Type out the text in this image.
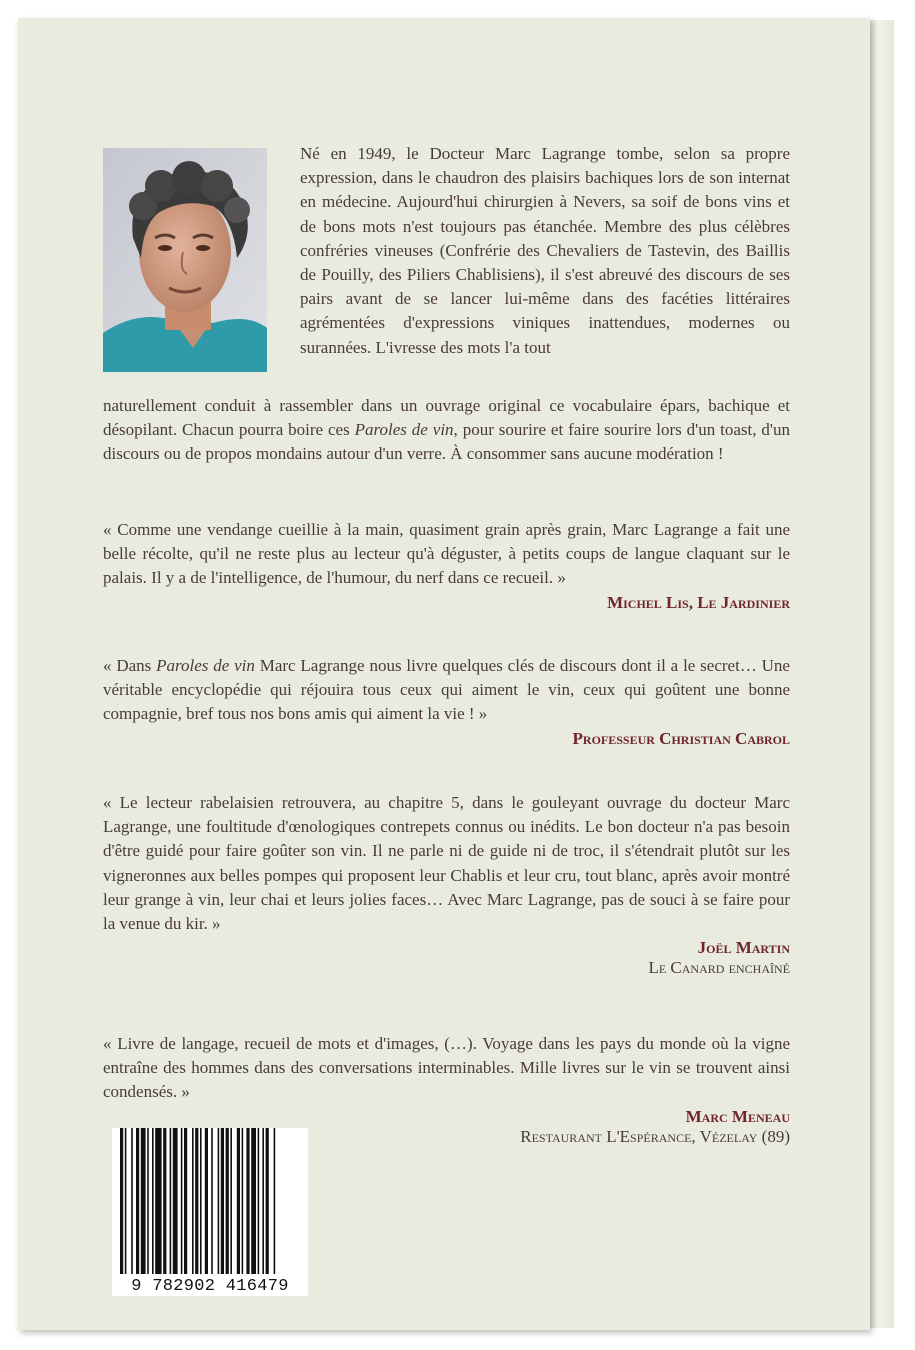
Né en 1949, le Docteur Marc Lagrange tombe, selon sa propre expression, dans le chaudron des plaisirs bachiques lors de son internat en médecine. Aujourd'hui chirurgien à Nevers, sa soif de bons vins et de bons mots n'est toujours pas étanchée. Membre des plus célèbres confréries vineuses (Confrérie des Chevaliers de Tastevin, des Baillis de Pouilly, des Piliers Chablisiens), il s'est abreuvé des discours de ses pairs avant de se lancer lui-même dans des facéties littéraires agrémentées d'expressions viniques inattendues, modernes ou surannées. L'ivresse des mots l'a tout

naturellement conduit à rassembler dans un ouvrage original ce vocabulaire épars, bachique et désopilant. Chacun pourra boire ces Paroles de vin, pour sourire et faire sourire lors d'un toast, d'un discours ou de propos mondains autour d'un verre. À consommer sans aucune modération !

« Comme une vendange cueillie à la main, quasiment grain après grain, Marc Lagrange a fait une belle récolte, qu'il ne reste plus au lecteur qu'à déguster, à petits coups de langue claquant sur le palais. Il y a de l'intelligence, de l'humour, du nerf dans ce recueil. »

Michel Lis, Le Jardinier

« Dans Paroles de vin Marc Lagrange nous livre quelques clés de discours dont il a le secret… Une véritable encyclopédie qui réjouira tous ceux qui aiment le vin, ceux qui goûtent une bonne compagnie, bref tous nos bons amis qui aiment la vie ! »

Professeur Christian Cabrol

« Le lecteur rabelaisien retrouvera, au chapitre 5, dans le gouleyant ouvrage du docteur Marc Lagrange, une foultitude d'œnologiques contrepets connus ou inédits. Le bon docteur n'a pas besoin d'être guidé pour faire goûter son vin. Il ne parle ni de guide ni de troc, il s'étendrait plutôt sur les vigneronnes aux belles pompes qui proposent leur Chablis et leur cru, tout blanc, après avoir montré leur grange à vin, leur chai et leurs jolies faces… Avec Marc Lagrange, pas de souci à se faire pour la venue du kir. »

Joël Martin
Le Canard enchaîné

« Livre de langage, recueil de mots et d'images, (…). Voyage dans les pays du monde où la vigne entraîne des hommes dans des conversations interminables. Mille livres sur le vin se trouvent ainsi condensés. »

Marc Meneau
Restaurant L'Espérance, Vézelay (89)
9 782902 416479
